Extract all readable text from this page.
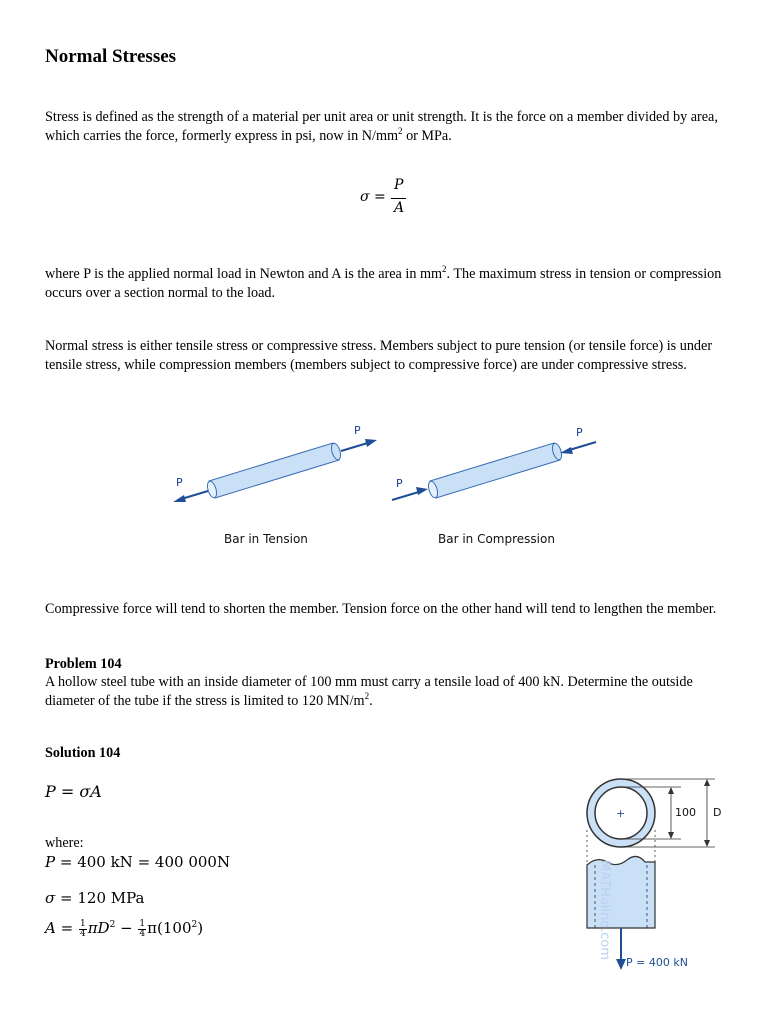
Normal Stresses

Stress is defined as the strength of a material per unit area or unit strength. It is the force on a member divided by area, which carries the force, formerly express in psi, now in $N/mm^2$ or MPa.

σ =
P
A

where P is the applied normal load in Newton and A is the area in $mm^2$. The maximum stress in tension or compression occurs over a section normal to the load.

Normal stress is either tensile stress or compressive stress. Members subject to pure tension (or tensile force) is under tensile stress, while compression members (members subject to compressive force) are under compressive stress.

P
P
P
P
Bar in Tension	Bar in Compression

Compressive force will tend to shorten the member. Tension force on the other hand will tend to lengthen the member.

Problem 104

A hollow steel tube with an inside diameter of 100 mm must carry a tensile load of 400 kN. Determine the outside diameter of the tube if the stress is limited to 120 $MN/m^2$.

Solution 104

P = σA

where:

P = 400 kN = 400 000N
σ = 120 MPa
$A = \frac{1}{4} \pi D^2 - \frac{1}{4} \pi(100^2)$
+	100 D
P = 400 kN
MATHalino.com
